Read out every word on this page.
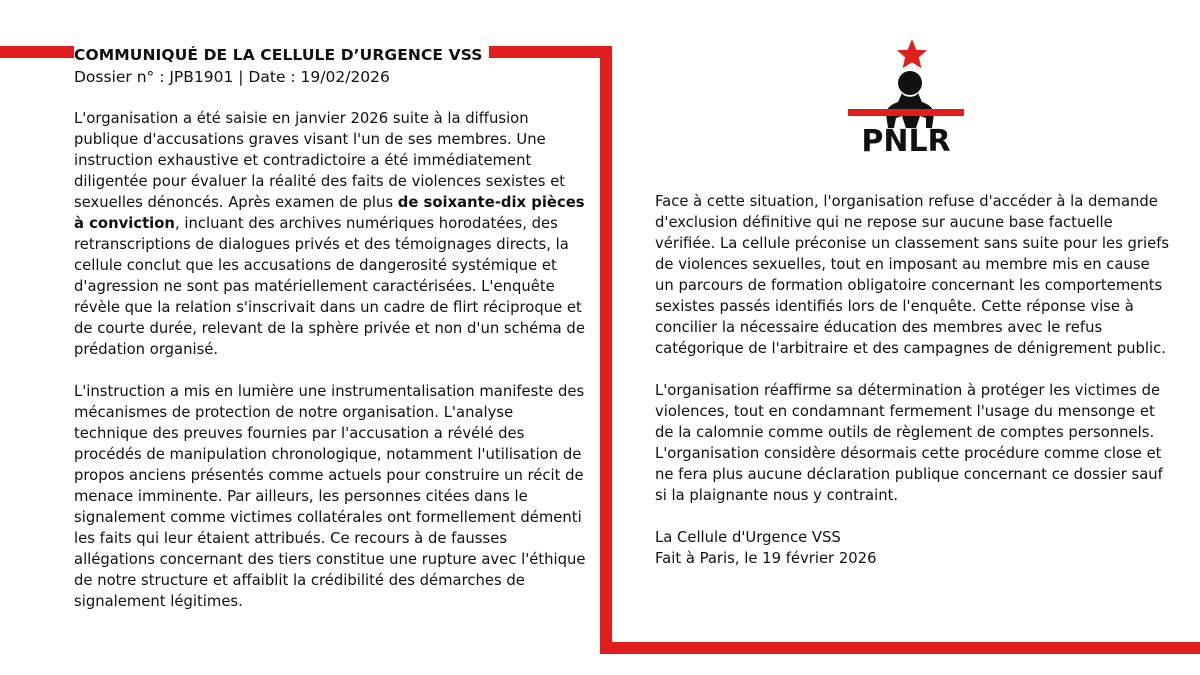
COMMUNIQUÉ DE LA CELLULE D’URGENCE VSS
Dossier n° : JPB1901 | Date : 19/02/2026

L'organisation a été saisie en janvier 2026 suite à la diffusion publique d'accusations graves visant l'un de ses membres. Une instruction exhaustive et contradictoire a été immédiatement diligentée pour évaluer la réalité des faits de violences sexistes et sexuelles dénoncés. Après examen de plus de soixante-dix pièces à conviction, incluant des archives numériques horodatées, des retranscriptions de dialogues privés et des témoignages directs, la cellule conclut que les accusations de dangerosité systémique et d'agression ne sont pas matériellement caractérisées. L'enquête révèle que la relation s'inscrivait dans un cadre de flirt réciproque et de courte durée, relevant de la sphère privée et non d'un schéma de prédation organisé.

L'instruction a mis en lumière une instrumentalisation manifeste des mécanismes de protection de notre organisation. L'analyse technique des preuves fournies par l'accusation a révélé des procédés de manipulation chronologique, notamment l'utilisation de propos anciens présentés comme actuels pour construire un récit de menace imminente. Par ailleurs, les personnes citées dans le signalement comme victimes collatérales ont formellement démenti les faits qui leur étaient attribués. Ce recours à de fausses allégations concernant des tiers constitue une rupture avec l'éthique de notre structure et affaiblit la crédibilité des démarches de signalement légitimes.

PNLR

Face à cette situation, l'organisation refuse d'accéder à la demande d'exclusion définitive qui ne repose sur aucune base factuelle vérifiée. La cellule préconise un classement sans suite pour les griefs de violences sexuelles, tout en imposant au membre mis en cause un parcours de formation obligatoire concernant les comportements sexistes passés identifiés lors de l'enquête. Cette réponse vise à concilier la nécessaire éducation des membres avec le refus catégorique de l'arbitraire et des campagnes de dénigrement public.

L'organisation réaffirme sa détermination à protéger les victimes de violences, tout en condamnant fermement l'usage du mensonge et de la calomnie comme outils de règlement de comptes personnels.

L'organisation considère désormais cette procédure comme close et ne fera plus aucune déclaration publique concernant ce dossier sauf si la plaignante nous y contraint.

La Cellule d'Urgence VSS

Fait à Paris, le 19 février 2026
